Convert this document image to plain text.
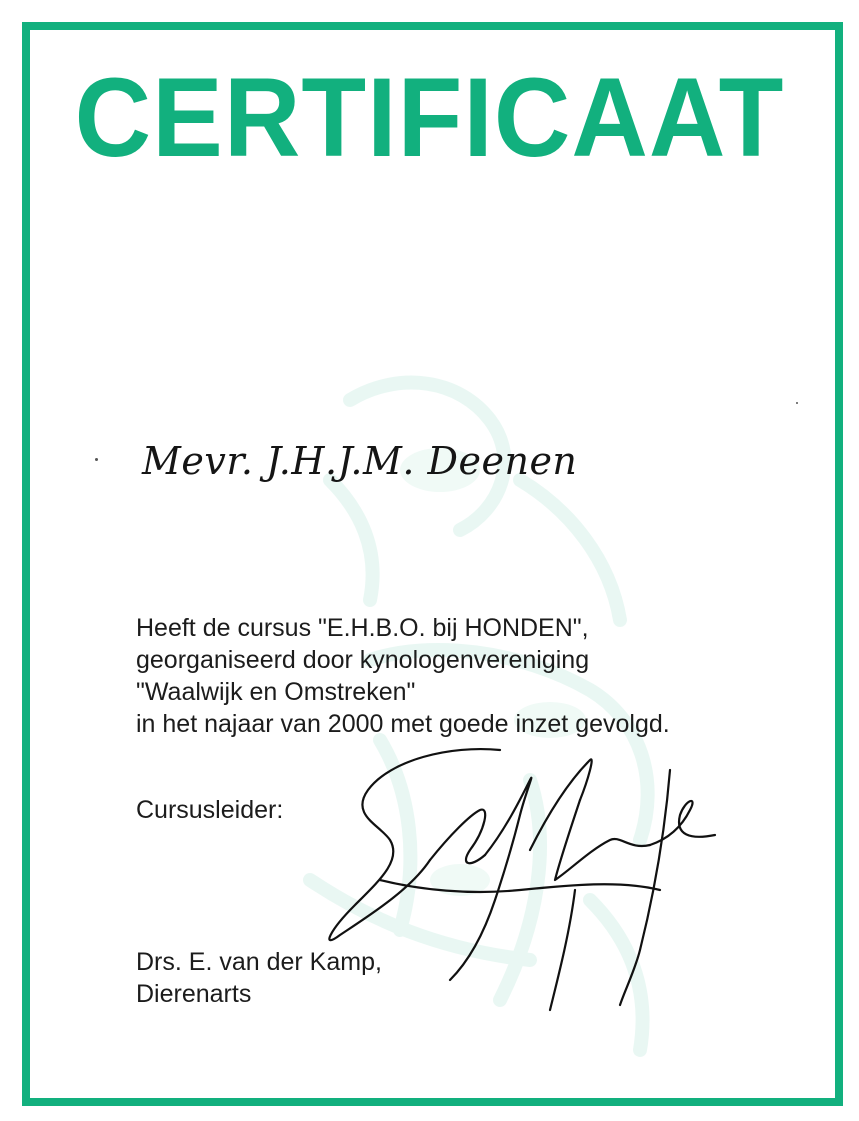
CERTIFICAAT

Mevr. J.H.J.M. Deenen

Heeft de cursus "E.H.B.O. bij HONDEN",
georganiseerd door kynologenvereniging
"Waalwijk en Omstreken"
in het najaar van 2000 met goede inzet gevolgd.

Cursusleider:

Drs. E. van der Kamp,
Dierenarts
